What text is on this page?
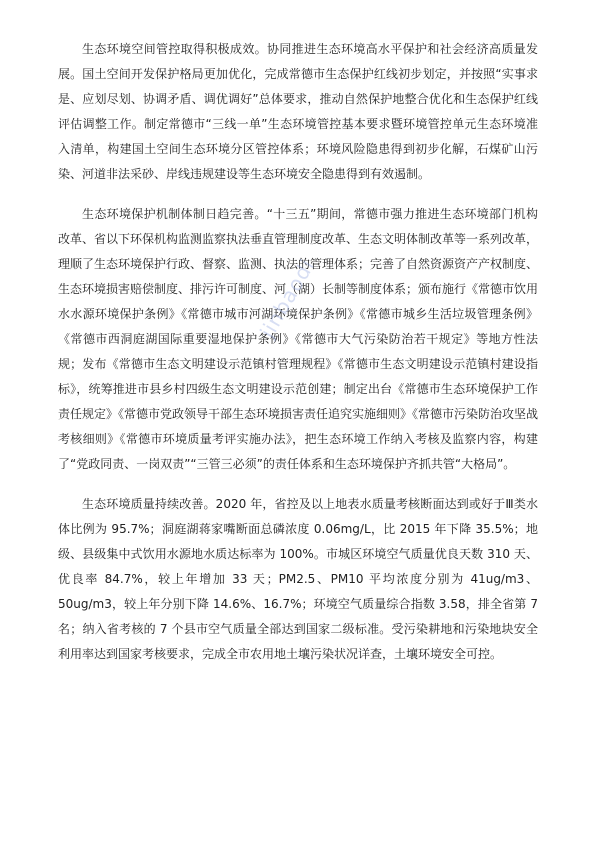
生态环境空间管控取得积极成效。协同推进生态环境高水平保护和社会经济高质量发展。国土空间开发保护格局更加优化，完成常德市生态保护红线初步划定，并按照“实事求是、应划尽划、协调矛盾、调优调好”总体要求，推动自然保护地整合优化和生态保护红线评估调整工作。制定常德市“三线一单”生态环境管控基本要求暨环境管控单元生态环境准入清单，构建国土空间生态环境分区管控体系；环境风险隐患得到初步化解，石煤矿山污染、河道非法采砂、岸线违规建设等生态环境安全隐患得到有效遏制。

生态环境保护机制体制日趋完善。“十三五”期间，常德市强力推进生态环境部门机构改革、省以下环保机构监测监察执法垂直管理制度改革、生态文明体制改革等一系列改革，理顺了生态环境保护行政、督察、监测、执法的管理体系；完善了自然资源资产产权制度、生态环境损害赔偿制度、排污许可制度、河（湖）长制等制度体系；颁布施行《常德市饮用水水源环境保护条例》《常德市城市河湖环境保护条例》《常德市城乡生活垃圾管理条例》《常德市西洞庭湖国际重要湿地保护条例》《常德市大气污染防治若干规定》等地方性法规；发布《常德市生态文明建设示范镇村管理规程》《常德市生态文明建设示范镇村建设指标》，统筹推进市县乡村四级生态文明建设示范创建；制定出台《常德市生态环境保护工作责任规定》《常德市党政领导干部生态环境损害责任追究实施细则》《常德市污染防治攻坚战考核细则》《常德市环境质量考评实施办法》，把生态环境工作纳入考核及监察内容，构建了“党政同责、一岗双责”“三管三必须”的责任体系和生态环境保护齐抓共管“大格局”。

生态环境质量持续改善。2020 年，省控及以上地表水质量考核断面达到或好于Ⅲ类水体比例为 95.7%；洞庭湖蒋家嘴断面总磷浓度 0.06mg/L，比 2015 年下降 35.5%；地级、县级集中式饮用水源地水质达标率为 100%。市城区环境空气质量优良天数 310 天、优良率 84.7%，较上年增加 33 天；PM2.5、PM10 平均浓度分别为 41ug/m3、50ug/m3，较上年分别下降 14.6%、16.7%；环境空气质量综合指数 3.58，排全省第 7 名；纳入省考核的 7 个县市空气质量全部达到国家二级标准。受污染耕地和污染地块安全利用率达到国家考核要求，完成全市农用地土壤污染状况详查，土壤环境安全可控。

jinbaodi
